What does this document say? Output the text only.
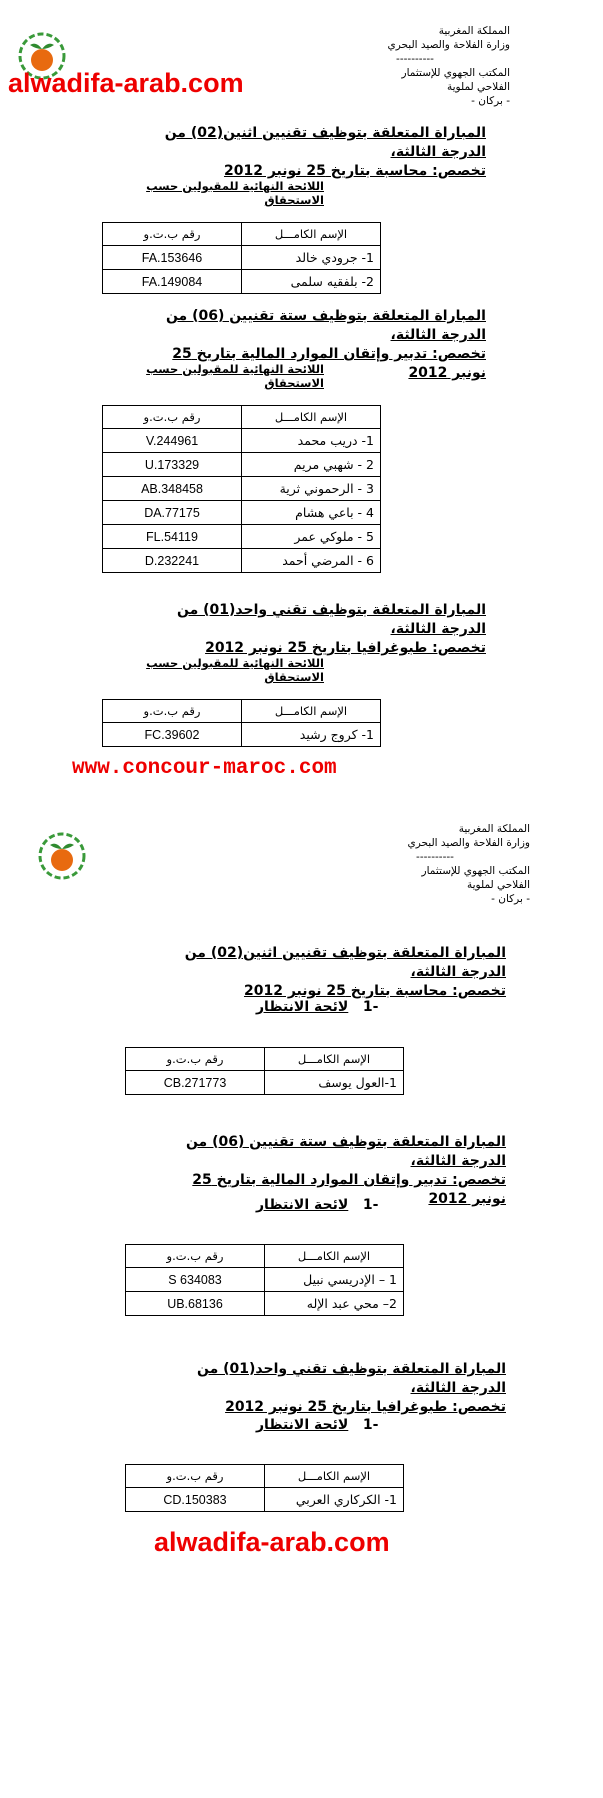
alwadifa-arab.com
المملكة المغربية
وزارة الفلاحة والصيد البحري
----------
المكتب الجهوي للإستثمار
الفلاحي لملوية
- بركان -
المباراة المتعلقة بتوظيف تقنيين اثنين(02) من الدرجة الثالثة،
تخصص: محاسبة بتاريخ 25 نونبر 2012
اللائحة النهائية للمقبولين حسب الاستحقاق
رقم ب.ت.و	الإسم الكامـــل
FA.153646	1- جرودي خالد
FA.149084	2- بلفقيه سلمى
المباراة المتعلقة بتوظيف ستة تقنيين (06) من الدرجة الثالثة،
تخصص: تدبير وإتقان الموارد المالية بتاريخ 25 نونبر 2012
اللائحة النهائية للمقبولين حسب الاستحقاق
رقم ب.ت.و	الإسم الكامـــل
V.244961	1- دريب محمد
U.173329	2 - شهبي مريم
AB.348458	3 - الرحموني ثرية
DA.77175	4 - باعي هشام
FL.54119	5 - ملوكي عمر
D.232241	6 - المرضي أحمد
المباراة المتعلقة بتوظيف تقني واحد(01) من الدرجة الثالثة،
تخصص: طبوغرافيا بتاريخ 25 نونبر 2012
اللائحة النهائية للمقبولين حسب الاستحقاق
رقم ب.ت.و	الإسم الكامـــل
FC.39602	1- كروج رشيد
www.concour-maroc.com
المملكة المغربية
وزارة الفلاحة والصيد البحري
----------
المكتب الجهوي للإستثمار
الفلاحي لملوية
- بركان -
المباراة المتعلقة بتوظيف تقنيين اثنين(02) من الدرجة الثالثة،
تخصص: محاسبة بتاريخ 25 نونبر 2012
-1   لائحة الانتظار
رقم ب.ت.و	الإسم الكامـــل
CB.271773	1-العول يوسف
المباراة المتعلقة بتوظيف ستة تقنيين (06) من الدرجة الثالثة،
تخصص: تدبير وإتقان الموارد المالية بتاريخ 25 نونبر 2012
-1   لائحة الانتظار
رقم ب.ت.و	الإسم الكامـــل
S 634083	1 – الإدريسي نبيل
UB.68136	2– محي عبد الإله
المباراة المتعلقة بتوظيف تقني واحد(01) من الدرجة الثالثة،
تخصص: طبوغرافيا بتاريخ 25 نونبر 2012
-1   لائحة الانتظار
رقم ب.ت.و	الإسم الكامـــل
CD.150383	1- الكركاري العربي
alwadifa-arab.com
